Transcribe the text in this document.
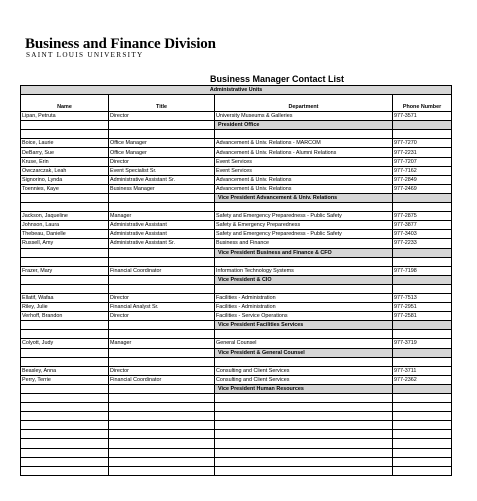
Business and Finance Division
SAINT LOUIS UNIVERSITY
Business Manager Contact List
Administrative Units			
Name	Title	Department	Phone Number
Lipan, Petruta	Director	University Museums & Galleries	977-3571
		President Office	

Boice, Laurie	Office Manager	Advancement & Univ. Relations - MARCOM	977-7270
DeBarry, Sue	Office Manager	Advancement & Univ. Relations - Alumni Relations	977-2231
Kruse, Erin	Director	Event Services	977-7207
Owczarczak, Leah	Event Specialist Sr.	Event Services	977-7162
Signorino, Lynda	Administrative Assistant Sr.	Advancement & Univ. Relations	977-2849
Toennies, Kaye	Business Manager	Advancement & Univ. Relations	977-2469
		Vice President Advancement & Univ. Relations	

Jackson, Jaqueline	Manager	Safety and Emergency Preparedness - Public Safety	977-2875
Johnson, Laura	Administrative Assistant	Safety & Emergency Preparedness	977-3877
Thebeau, Danielle	Administrative Assistant	Safety and Emergency Preparedness - Public Safety	977-3403
Russell, Amy	Administrative Assistant Sr.	Business and Finance	977-2233
		Vice President Business and Finance & CFO	

Frazer, Mary	Financial Coordinator	Information Technology Systems	977-7198
		Vice President & CIO	

Ellatif, Wafaa	Director	Facilities - Administration	977-7513
Riley, Julie	Financial Analyst Sr.	Facilities - Administration	977-2951
Verhoff, Brandon	Director	Facilities - Service Operations	977-2581
		Vice President Facilities Services	

Colyott, Judy	Manager	General Counsel	977-3719
		Vice President & General Counsel	

Beasley, Anna	Director	Consulting and Client Services	977-3711
Perry, Terrie	Financial Coordinator	Consulting and Client Services	977-2362
		Vice President Human Resources	
